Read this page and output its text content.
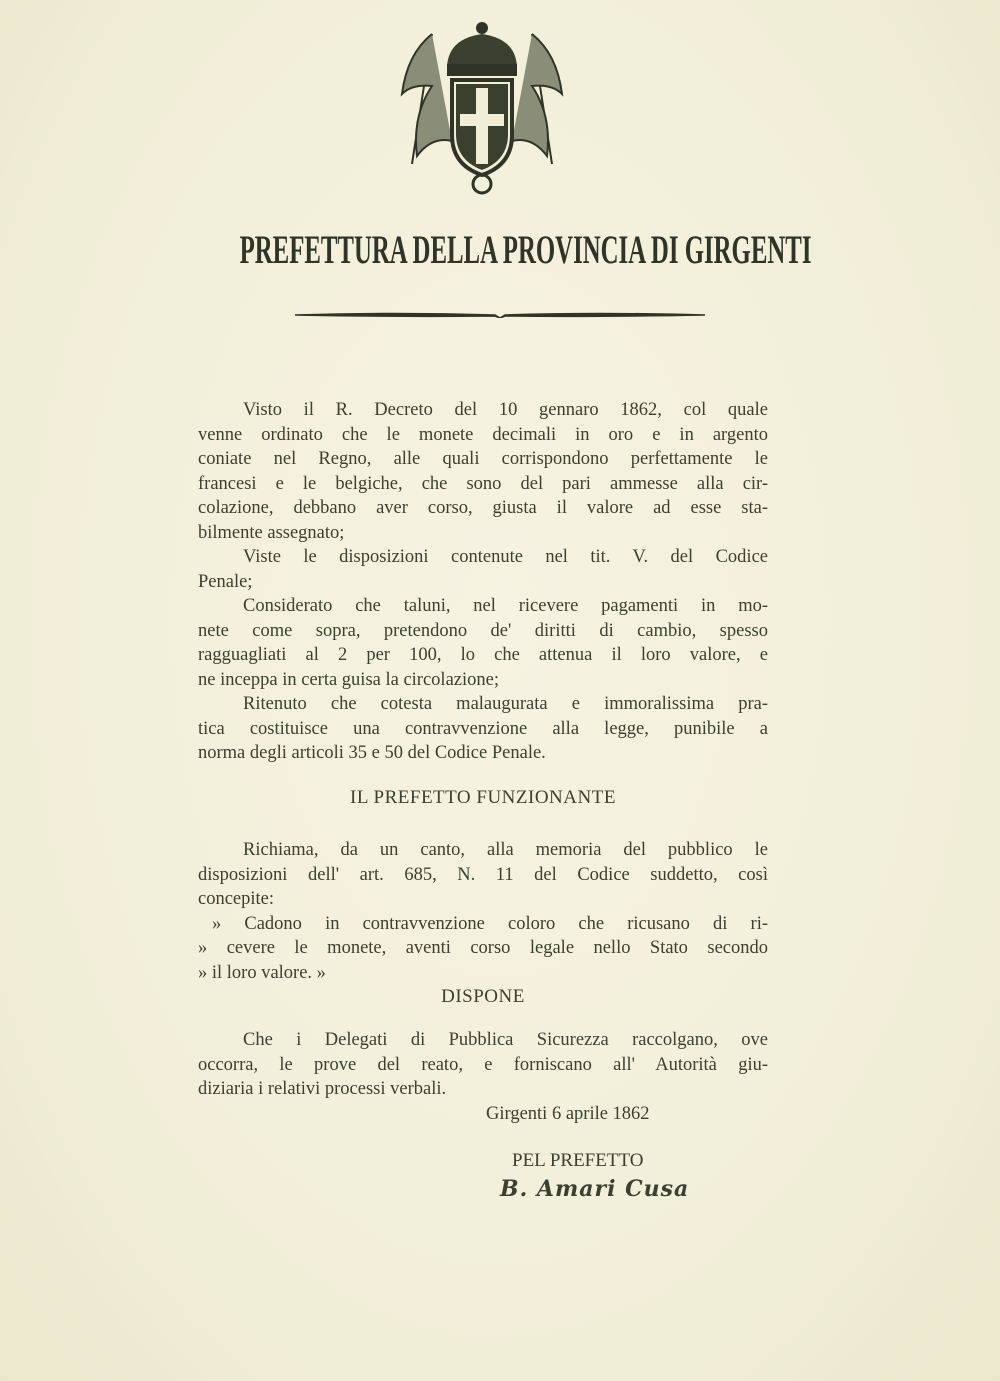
PREFETTURA DELLA PROVINCIA DI GIRGENTI
Visto il R. Decreto del 10 gennaro 1862, col quale
venne ordinato che le monete decimali in oro e in argento
coniate nel Regno, alle quali corrispondono perfettamente le
francesi e le belgiche, che sono del pari ammesse alla cir-
colazione, debbano aver corso, giusta il valore ad esse sta-
bilmente assegnato;
Viste le disposizioni contenute nel tit. V. del Codice
Penale;
Considerato che taluni, nel ricevere pagamenti in mo-
nete come sopra, pretendono de' diritti di cambio, spesso
ragguagliati al 2 per 100, lo che attenua il loro valore, e
ne inceppa in certa guisa la circolazione;
Ritenuto che cotesta malaugurata e immoralissima pra-
tica costituisce una contravvenzione alla legge, punibile a
norma degli articoli 35 e 50 del Codice Penale.
IL PREFETTO FUNZIONANTE
Richiama, da un canto, alla memoria del pubblico le
disposizioni dell' art. 685, N. 11 del Codice suddetto, così
concepite:
» Cadono in contravvenzione coloro che ricusano di ri-
» cevere le monete, aventi corso legale nello Stato secondo
» il loro valore. »
DISPONE
Che i Delegati di Pubblica Sicurezza raccolgano, ove
occorra, le prove del reato, e forniscano all' Autorità giu-
diziaria i relativi processi verbali.
Girgenti 6 aprile 1862
PEL PREFETTO
B. Amari Cusa
